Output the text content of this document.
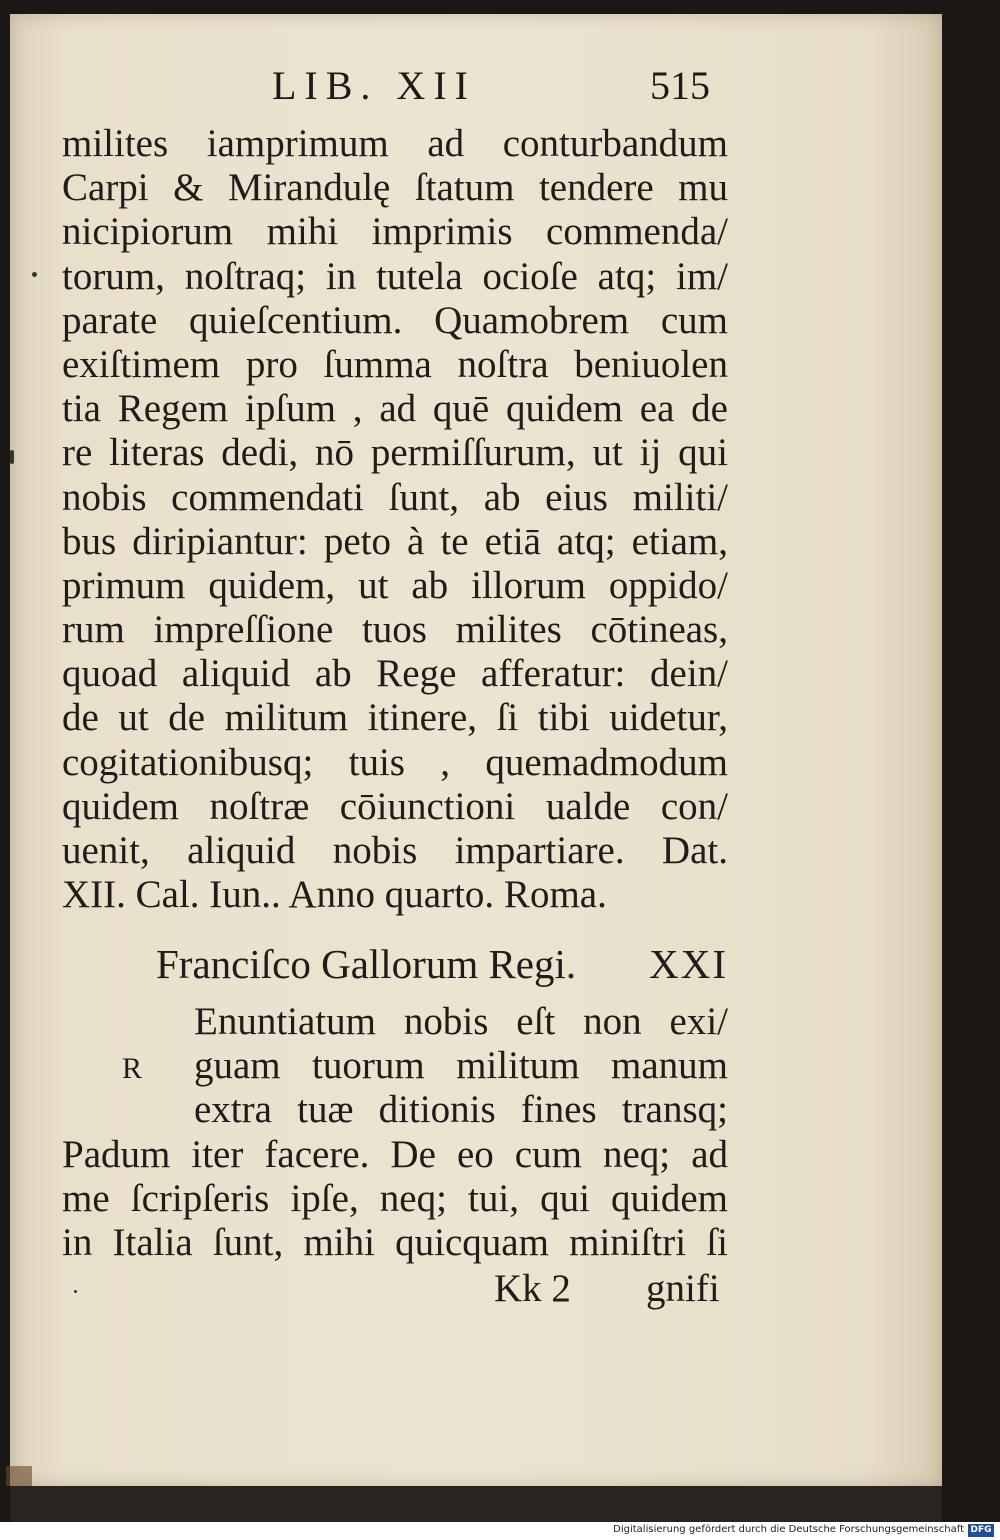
LIB. XII	515
milites iamprimum ad conturbandum
Carpi & Mirandulę ſtatum tendere mu
nicipiorum mihi imprimis commenda/
torum, noſtraq; in tutela ocioſe atq; im/
parate quieſcentium. Quamobrem cum
exiſtimem pro ſumma noſtra beniuolen
tia Regem ipſum , ad quē quidem ea de
re literas dedi, nō permiſſurum, ut ij qui
nobis commendati ſunt, ab eius militi/
bus diripiantur: peto à te etiā atq; etiam,
primum quidem, ut ab illorum oppido/
rum impreſſione tuos milites cōtineas,
quoad aliquid ab Rege afferatur: dein/
de ut de militum itinere, ſi tibi uidetur,
cogitationibusq; tuis , quemadmodum
quidem noſtræ cōiunctioni ualde con/
uenit, aliquid nobis impartiare. Dat.
XII. Cal. Iun.. Anno quarto. Roma.
Franciſco Gallorum Regi. XXI
R
Enuntiatum nobis eſt non exi/
guam tuorum militum manum
extra tuæ ditionis fines transq;
Padum iter facere. De eo cum neq; ad
me ſcripſeris ipſe, neq; tui, qui quidem
in Italia ſunt, mihi quicquam miniſtri ſi
Kk 2 gnifi
Digitalisierung gefördert durch die Deutsche Forschungsgemeinschaft DFG
